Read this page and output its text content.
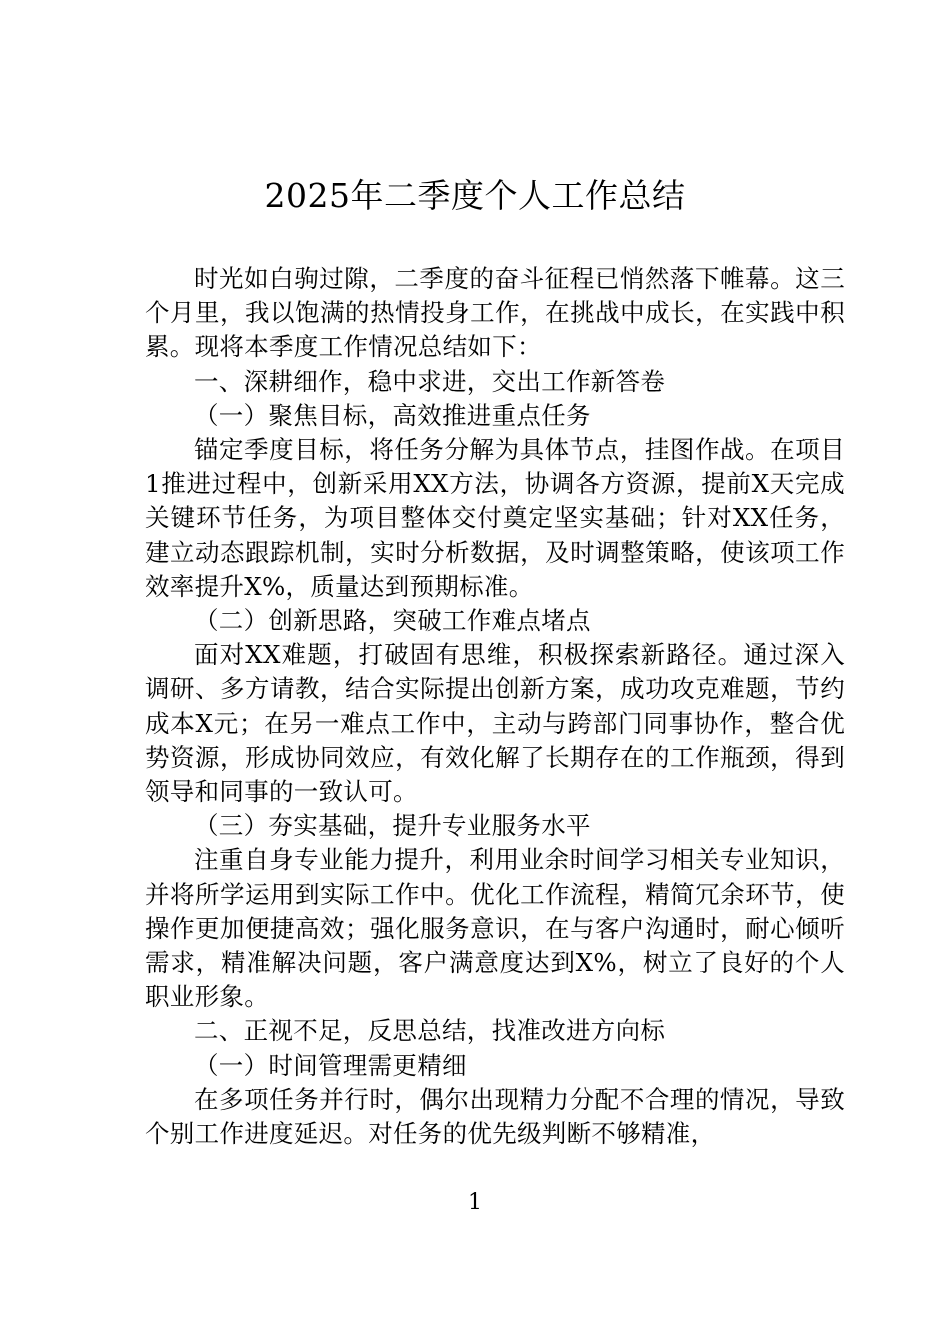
2025年二季度个人工作总结

时光如白驹过隙，二季度的奋斗征程已悄然落下帷幕。这三个月里，我以饱满的热情投身工作，在挑战中成长，在实践中积累。现将本季度工作情况总结如下：

一、深耕细作，稳中求进，交出工作新答卷

（一）聚焦目标，高效推进重点任务

锚定季度目标，将任务分解为具体节点，挂图作战。在项目1推进过程中，创新采用XX方法，协调各方资源，提前X天完成关键环节任务，为项目整体交付奠定坚实基础；针对XX任务，建立动态跟踪机制，实时分析数据，及时调整策略，使该项工作效率提升X%，质量达到预期标准。

（二）创新思路，突破工作难点堵点

面对XX难题，打破固有思维，积极探索新路径。通过深入调研、多方请教，结合实际提出创新方案，成功攻克难题，节约成本X元；在另一难点工作中，主动与跨部门同事协作，整合优势资源，形成协同效应，有效化解了长期存在的工作瓶颈，得到领导和同事的一致认可。

（三）夯实基础，提升专业服务水平

注重自身专业能力提升，利用业余时间学习相关专业知识，并将所学运用到实际工作中。优化工作流程，精简冗余环节，使操作更加便捷高效；强化服务意识，在与客户沟通时，耐心倾听需求，精准解决问题，客户满意度达到X%，树立了良好的个人职业形象。

二、正视不足，反思总结，找准改进方向标

（一）时间管理需更精细

在多项任务并行时，偶尔出现精力分配不合理的情况，导致个别工作进度延迟。对任务的优先级判断不够精准，

1
